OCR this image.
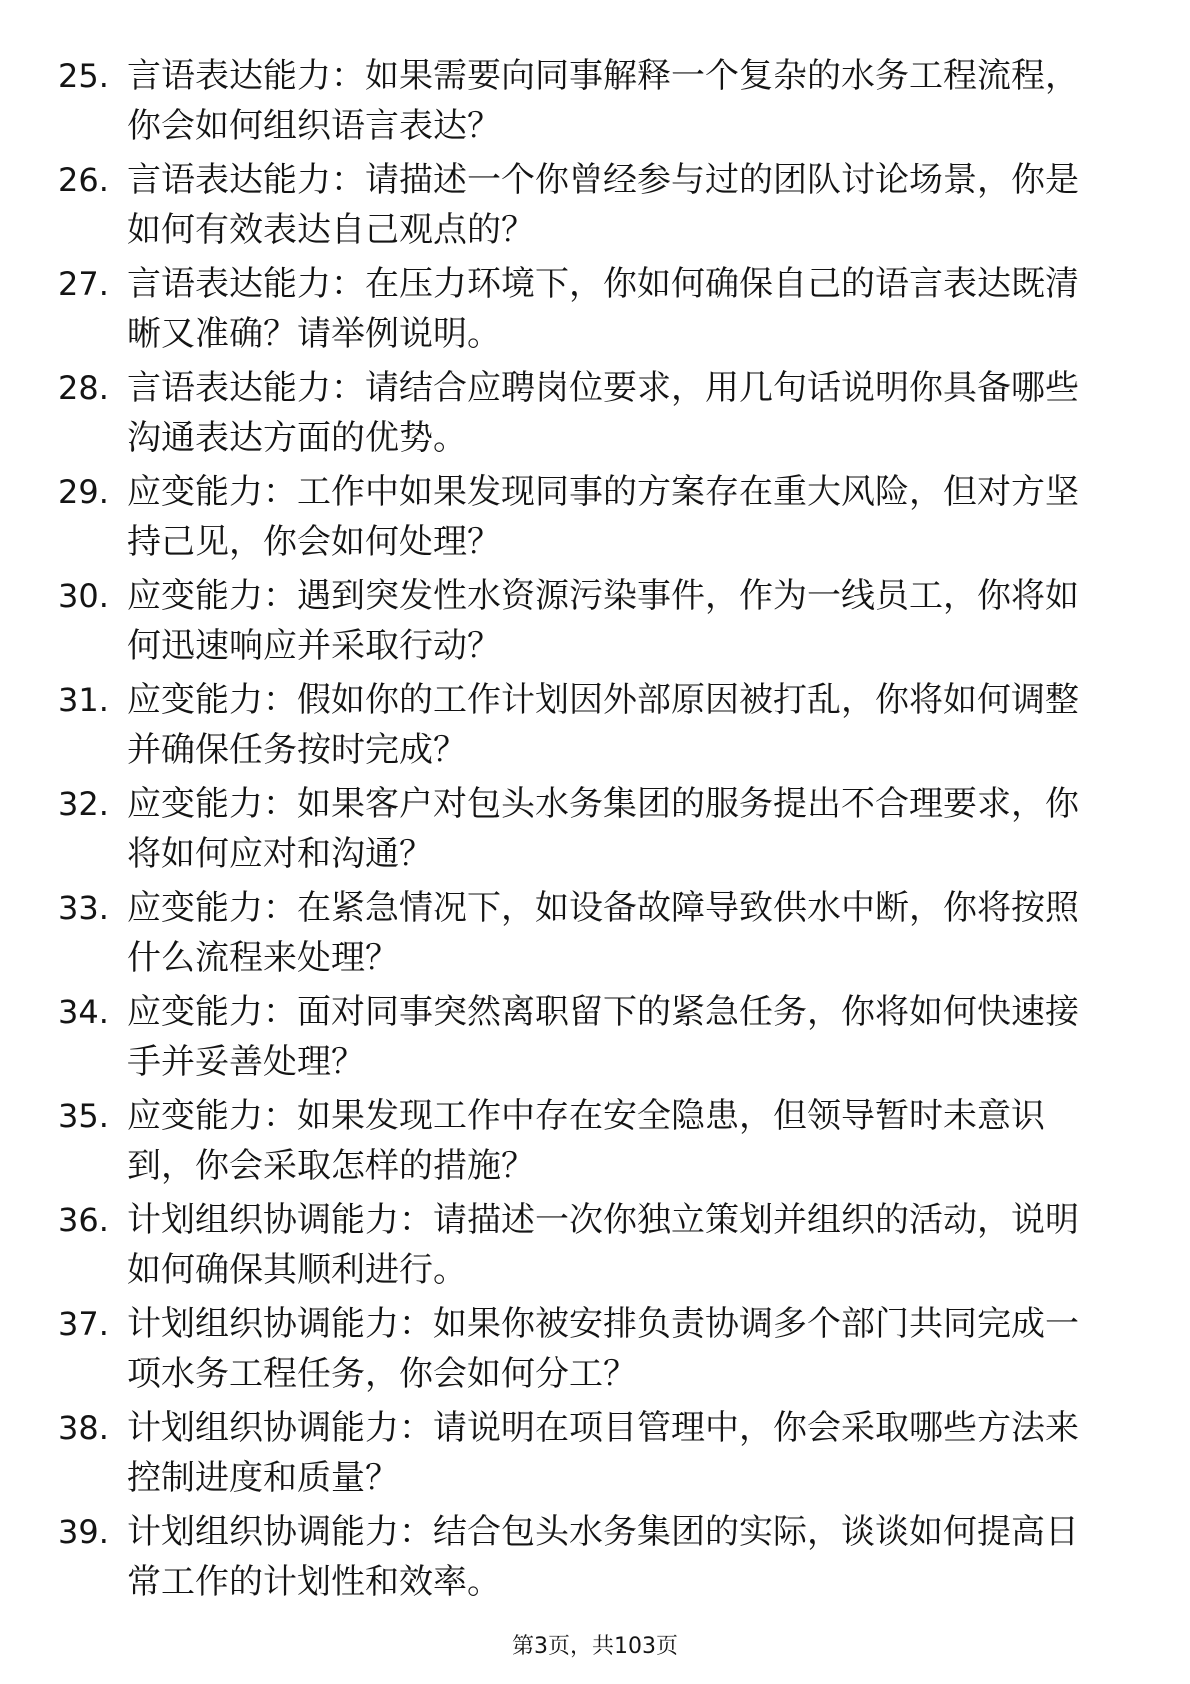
25. 言语表达能力：如果需要向同事解释一个复杂的水务工程流程，
你会如何组织语言表达？
26. 言语表达能力：请描述一个你曾经参与过的团队讨论场景，你是
如何有效表达自己观点的？
27. 言语表达能力：在压力环境下，你如何确保自己的语言表达既清
晰又准确？请举例说明。
28. 言语表达能力：请结合应聘岗位要求，用几句话说明你具备哪些
沟通表达方面的优势。
29. 应变能力：工作中如果发现同事的方案存在重大风险，但对方坚
持己见，你会如何处理？
30. 应变能力：遇到突发性水资源污染事件，作为一线员工，你将如
何迅速响应并采取行动？
31. 应变能力：假如你的工作计划因外部原因被打乱，你将如何调整
并确保任务按时完成？
32. 应变能力：如果客户对包头水务集团的服务提出不合理要求，你
将如何应对和沟通？
33. 应变能力：在紧急情况下，如设备故障导致供水中断，你将按照
什么流程来处理？
34. 应变能力：面对同事突然离职留下的紧急任务，你将如何快速接
手并妥善处理？
35. 应变能力：如果发现工作中存在安全隐患，但领导暂时未意识
到，你会采取怎样的措施？
36. 计划组织协调能力：请描述一次你独立策划并组织的活动，说明
如何确保其顺利进行。
37. 计划组织协调能力：如果你被安排负责协调多个部门共同完成一
项水务工程任务，你会如何分工？
38. 计划组织协调能力：请说明在项目管理中，你会采取哪些方法来
控制进度和质量？
39. 计划组织协调能力：结合包头水务集团的实际，谈谈如何提高日
常工作的计划性和效率。
第3页，共103页
